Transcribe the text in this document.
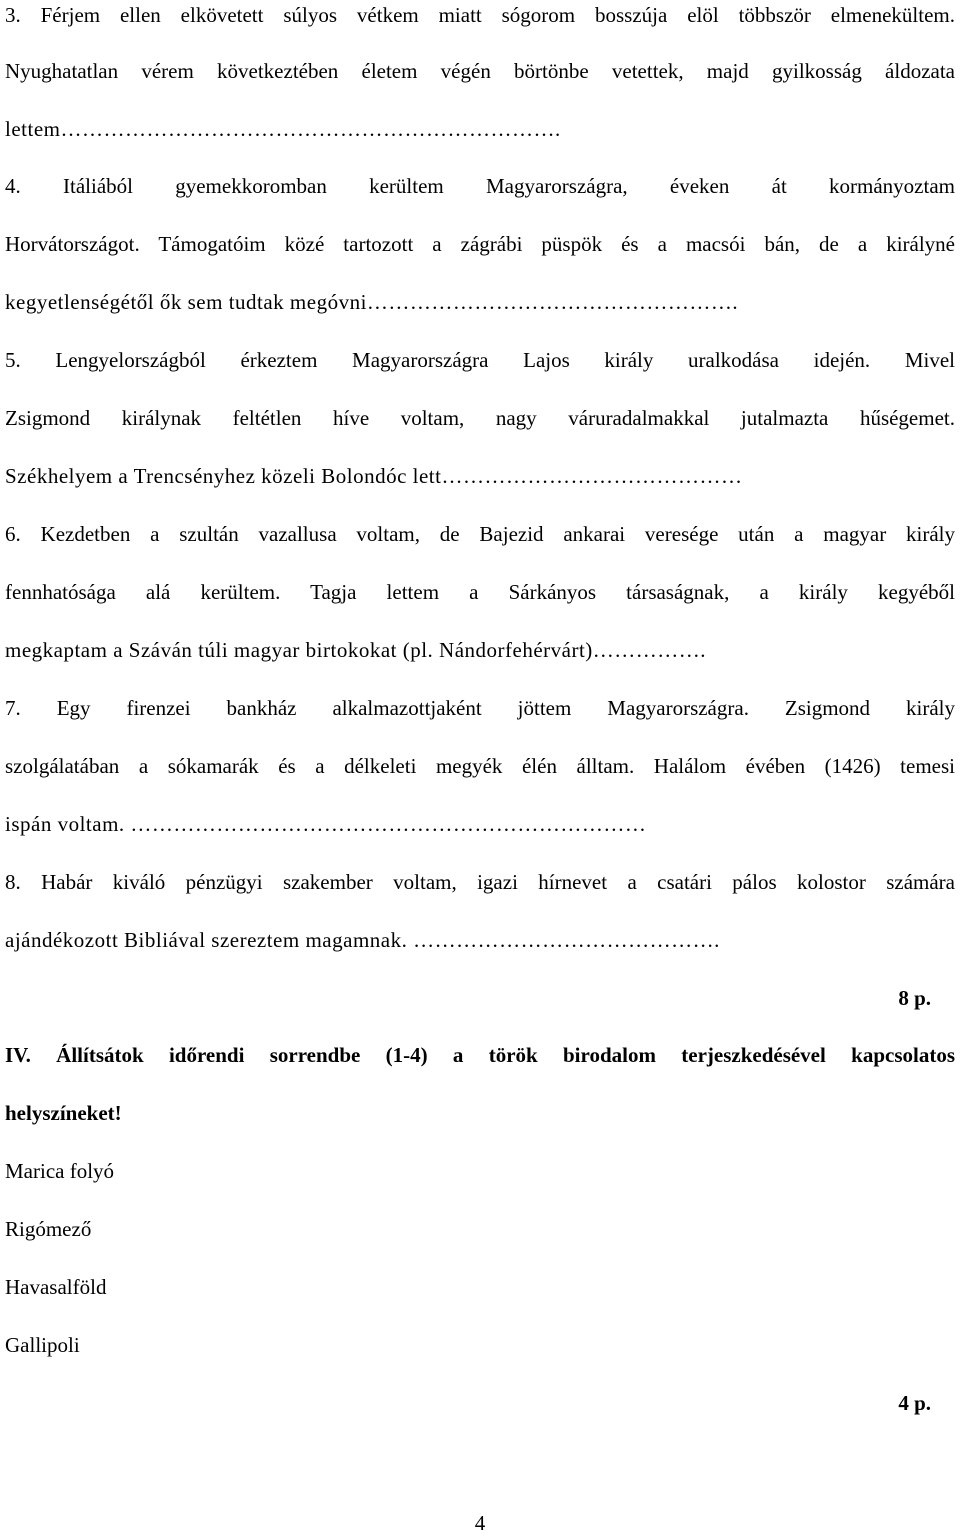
3. Férjem ellen elkövetett súlyos vétkem miatt sógorom bosszúja elöl többször elmenekültem.
Nyughatatlan vérem következtében életem végén börtönbe vetettek, majd gyilkosság áldozata
lettem…………………………………………………………….
4. Itáliából gyemekkoromban kerültem Magyarországra, éveken át kormányoztam
Horvátországot. Támogatóim közé tartozott a zágrábi püspök és a macsói bán, de a királyné
kegyetlenségétől ők sem tudtak megóvni…………………………………………….
5. Lengyelországból érkeztem Magyarországra Lajos király uralkodása idején. Mivel
Zsigmond királynak feltétlen híve voltam, nagy váruradalmakkal jutalmazta hűségemet.
Székhelyem a Trencsényhez közeli Bolondóc lett……………………………………
6. Kezdetben a szultán vazallusa voltam, de Bajezid ankarai veresége után a magyar király
fennhatósága alá kerültem. Tagja lettem a Sárkányos társaságnak, a király kegyéből
megkaptam a Száván túli magyar birtokokat (pl. Nándorfehérvárt)…………….
7. Egy firenzei bankház alkalmazottjaként jöttem Magyarországra. Zsigmond király
szolgálatában a sókamarák és a délkeleti megyék élén álltam. Halálom évében (1426) temesi
ispán voltam. ………………………………………………………………
8. Habár kiváló pénzügyi szakember voltam, igazi hírnevet a csatári pálos kolostor számára
ajándékozott Bibliával szereztem magamnak. …………………………………….
8 p.
IV. Állítsátok időrendi sorrendbe (1-4) a török birodalom terjeszkedésével kapcsolatos
helyszíneket!
Marica folyó
Rigómező
Havasalföld
Gallipoli
4 p.
4
